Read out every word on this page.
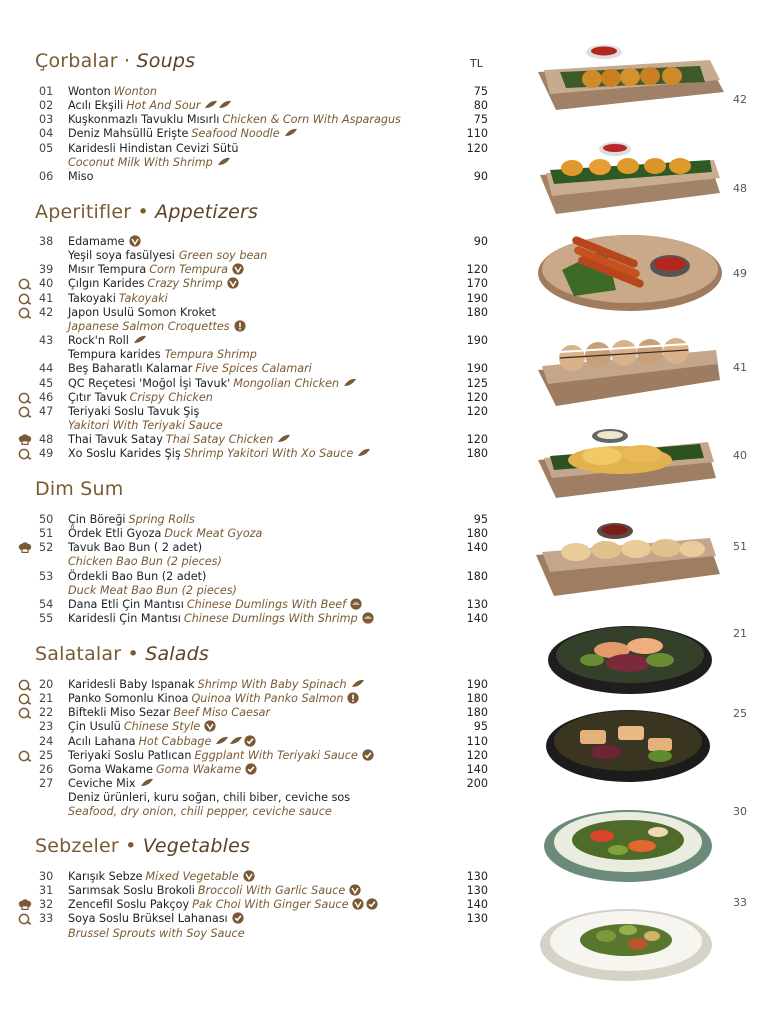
TL
Çorbalar · Soups
01	Wonton Wonton	75
02	Acılı Ekşili Hot And Sour	80
03	Kuşkonmazlı Tavuklu Mısırlı Chicken & Corn With Asparagus	75
04	Deniz Mahsüllü Erişte Seafood Noodle	110
05	Karidesli Hindistan Cevizi Sütü	120
Coconut Milk With Shrimp
06	Miso	90
Aperitifler • Appetizers
38	Edamame	90
Yeşil soya fasülyesi Green soy bean
39	Mısır Tempura Corn Tempura	120
40	Çılgın Karides Crazy Shrimp	170
41	Takoyaki Takoyaki	190
42	Japon Usulü Somon Kroket	180
Japanese Salmon Croquettes
43	Rock'n Roll	190
Tempura karides Tempura Shrimp
44	Beş Baharatlı Kalamar Five Spices Calamari	190
45	QC Reçetesi 'Moğol İşi Tavuk' Mongolian Chicken	125
46	Çıtır Tavuk Crispy Chicken	120
47	Teriyaki Soslu Tavuk Şiş	120
Yakitori With Teriyaki Sauce
48	Thai Tavuk Satay Thai Satay Chicken	120
49	Xo Soslu Karides Şiş Shrimp Yakitori With Xo Sauce	180
Dim Sum
50	Çin Böreği Spring Rolls	95
51	Ördek Etli Gyoza Duck Meat Gyoza	180
52	Tavuk Bao Bun ( 2 adet)	140
Chicken Bao Bun (2 pieces)
53	Ördekli Bao Bun (2 adet)	180
Duck Meat Bao Bun (2 pieces)
54	Dana Etli Çin Mantısı Chinese Dumlings With Beef	130
55	Karidesli Çin Mantısı Chinese Dumlings With Shrimp	140
Salatalar • Salads
20	Karidesli Baby Ispanak Shrimp With Baby Spinach	190
21	Panko Somonlu Kinoa Quinoa With Panko Salmon	180
22	Biftekli Miso Sezar Beef Miso Caesar	180
23	Çin Usulü Chinese Style	95
24	Acılı Lahana Hot Cabbage	110
25	Teriyaki Soslu Patlıcan Eggplant With Teriyaki Sauce	120
26	Goma Wakame Goma Wakame	140
27	Ceviche Mix	200
Deniz ürünleri, kuru soğan, chili biber, ceviche sos
Seafood, dry onion, chili pepper, ceviche sauce
Sebzeler • Vegetables
30	Karışık Sebze Mixed Vegetable	130
31	Sarımsak Soslu Brokoli Broccoli With Garlic Sauce	130
32	Zencefil Soslu Pakçoy Pak Choi With Ginger Sauce	140
33	Soya Soslu Brüksel Lahanası	130
Brussel Sprouts with Soy Sauce
42
48
49
41
40
51
21
25
30
33
